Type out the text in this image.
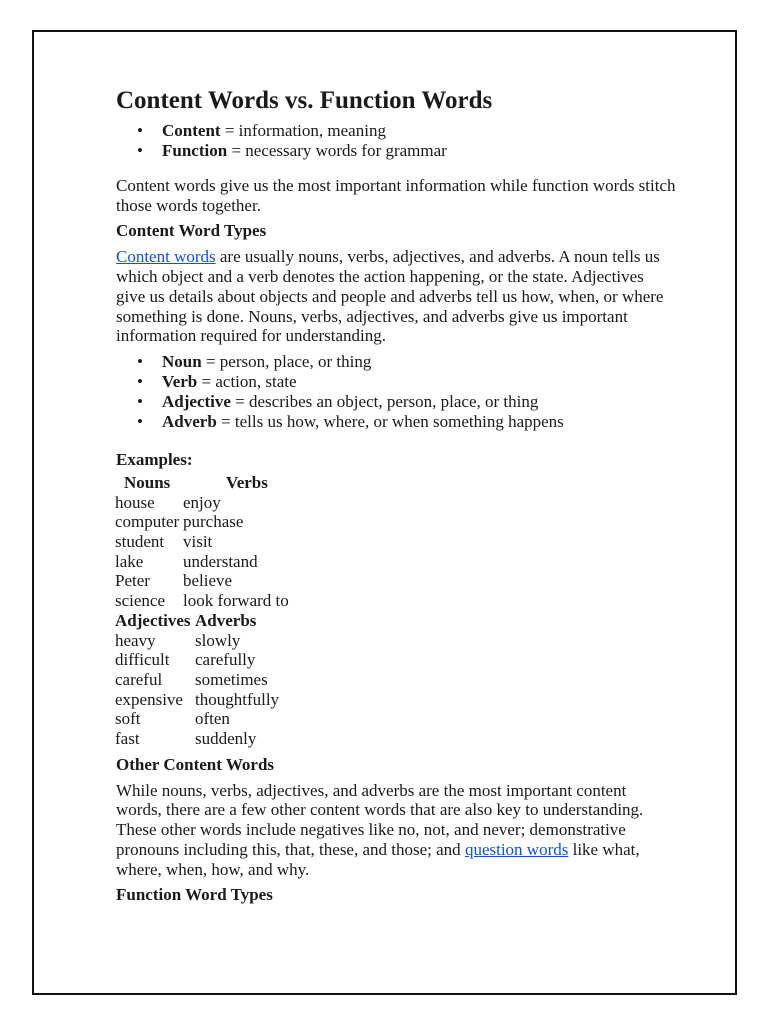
Content Words vs. Function Words
• Content = information, meaning
• Function = necessary words for grammar

Content words give us the most important information while function words stitch those words together.

Content Word Types

Content words are usually nouns, verbs, adjectives, and adverbs. A noun tells us which object and a verb denotes the action happening, or the state. Adjectives give us details about objects and people and adverbs tell us how, when, or where something is done. Nouns, verbs, adjectives, and adverbs give us important information required for understanding.

• Noun = person, place, or thing
• Verb = action, state
• Adjective = describes an object, person, place, or thing
• Adverb = tells us how, where, or when something happens
Examples:
Nouns	Verbs
house	enjoy
computer	purchase
student	visit
lake	understand
Peter	believe
science	look forward to
Adjectives	Adverbs
heavy	slowly
difficult	carefully
careful	sometimes
expensive	thoughtfully
soft	often
fast	suddenly
Other Content Words

While nouns, verbs, adjectives, and adverbs are the most important content words, there are a few other content words that are also key to understanding. These other words include negatives like no, not, and never; demonstrative pronouns including this, that, these, and those; and question words like what, where, when, how, and why.

Function Word Types
